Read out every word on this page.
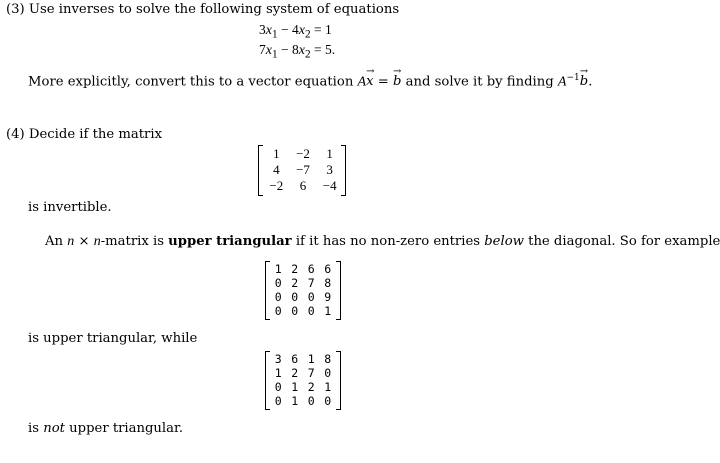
(3) Use inverses to solve the following system of equations
$3x_1 - 4x_2 = 1$
$7x_1 - 8x_2 = 5$.
More explicitly, convert this to a vector equation A→ x = → b and solve it by finding $A^{-1}\to b$.
(4) Decide if the matrix
1	−2	1
4	−7	3
−2	6	−4
is invertible.
An n × n-matrix is upper triangular if it has no non-zero entries below the diagonal. So for example
1	2	6	6
0	2	7	8
0	0	0	9
0	0	0	1
is upper triangular, while
3	6	1	8
1	2	7	0
0	1	2	1
0	1	0	0
is not upper triangular.
